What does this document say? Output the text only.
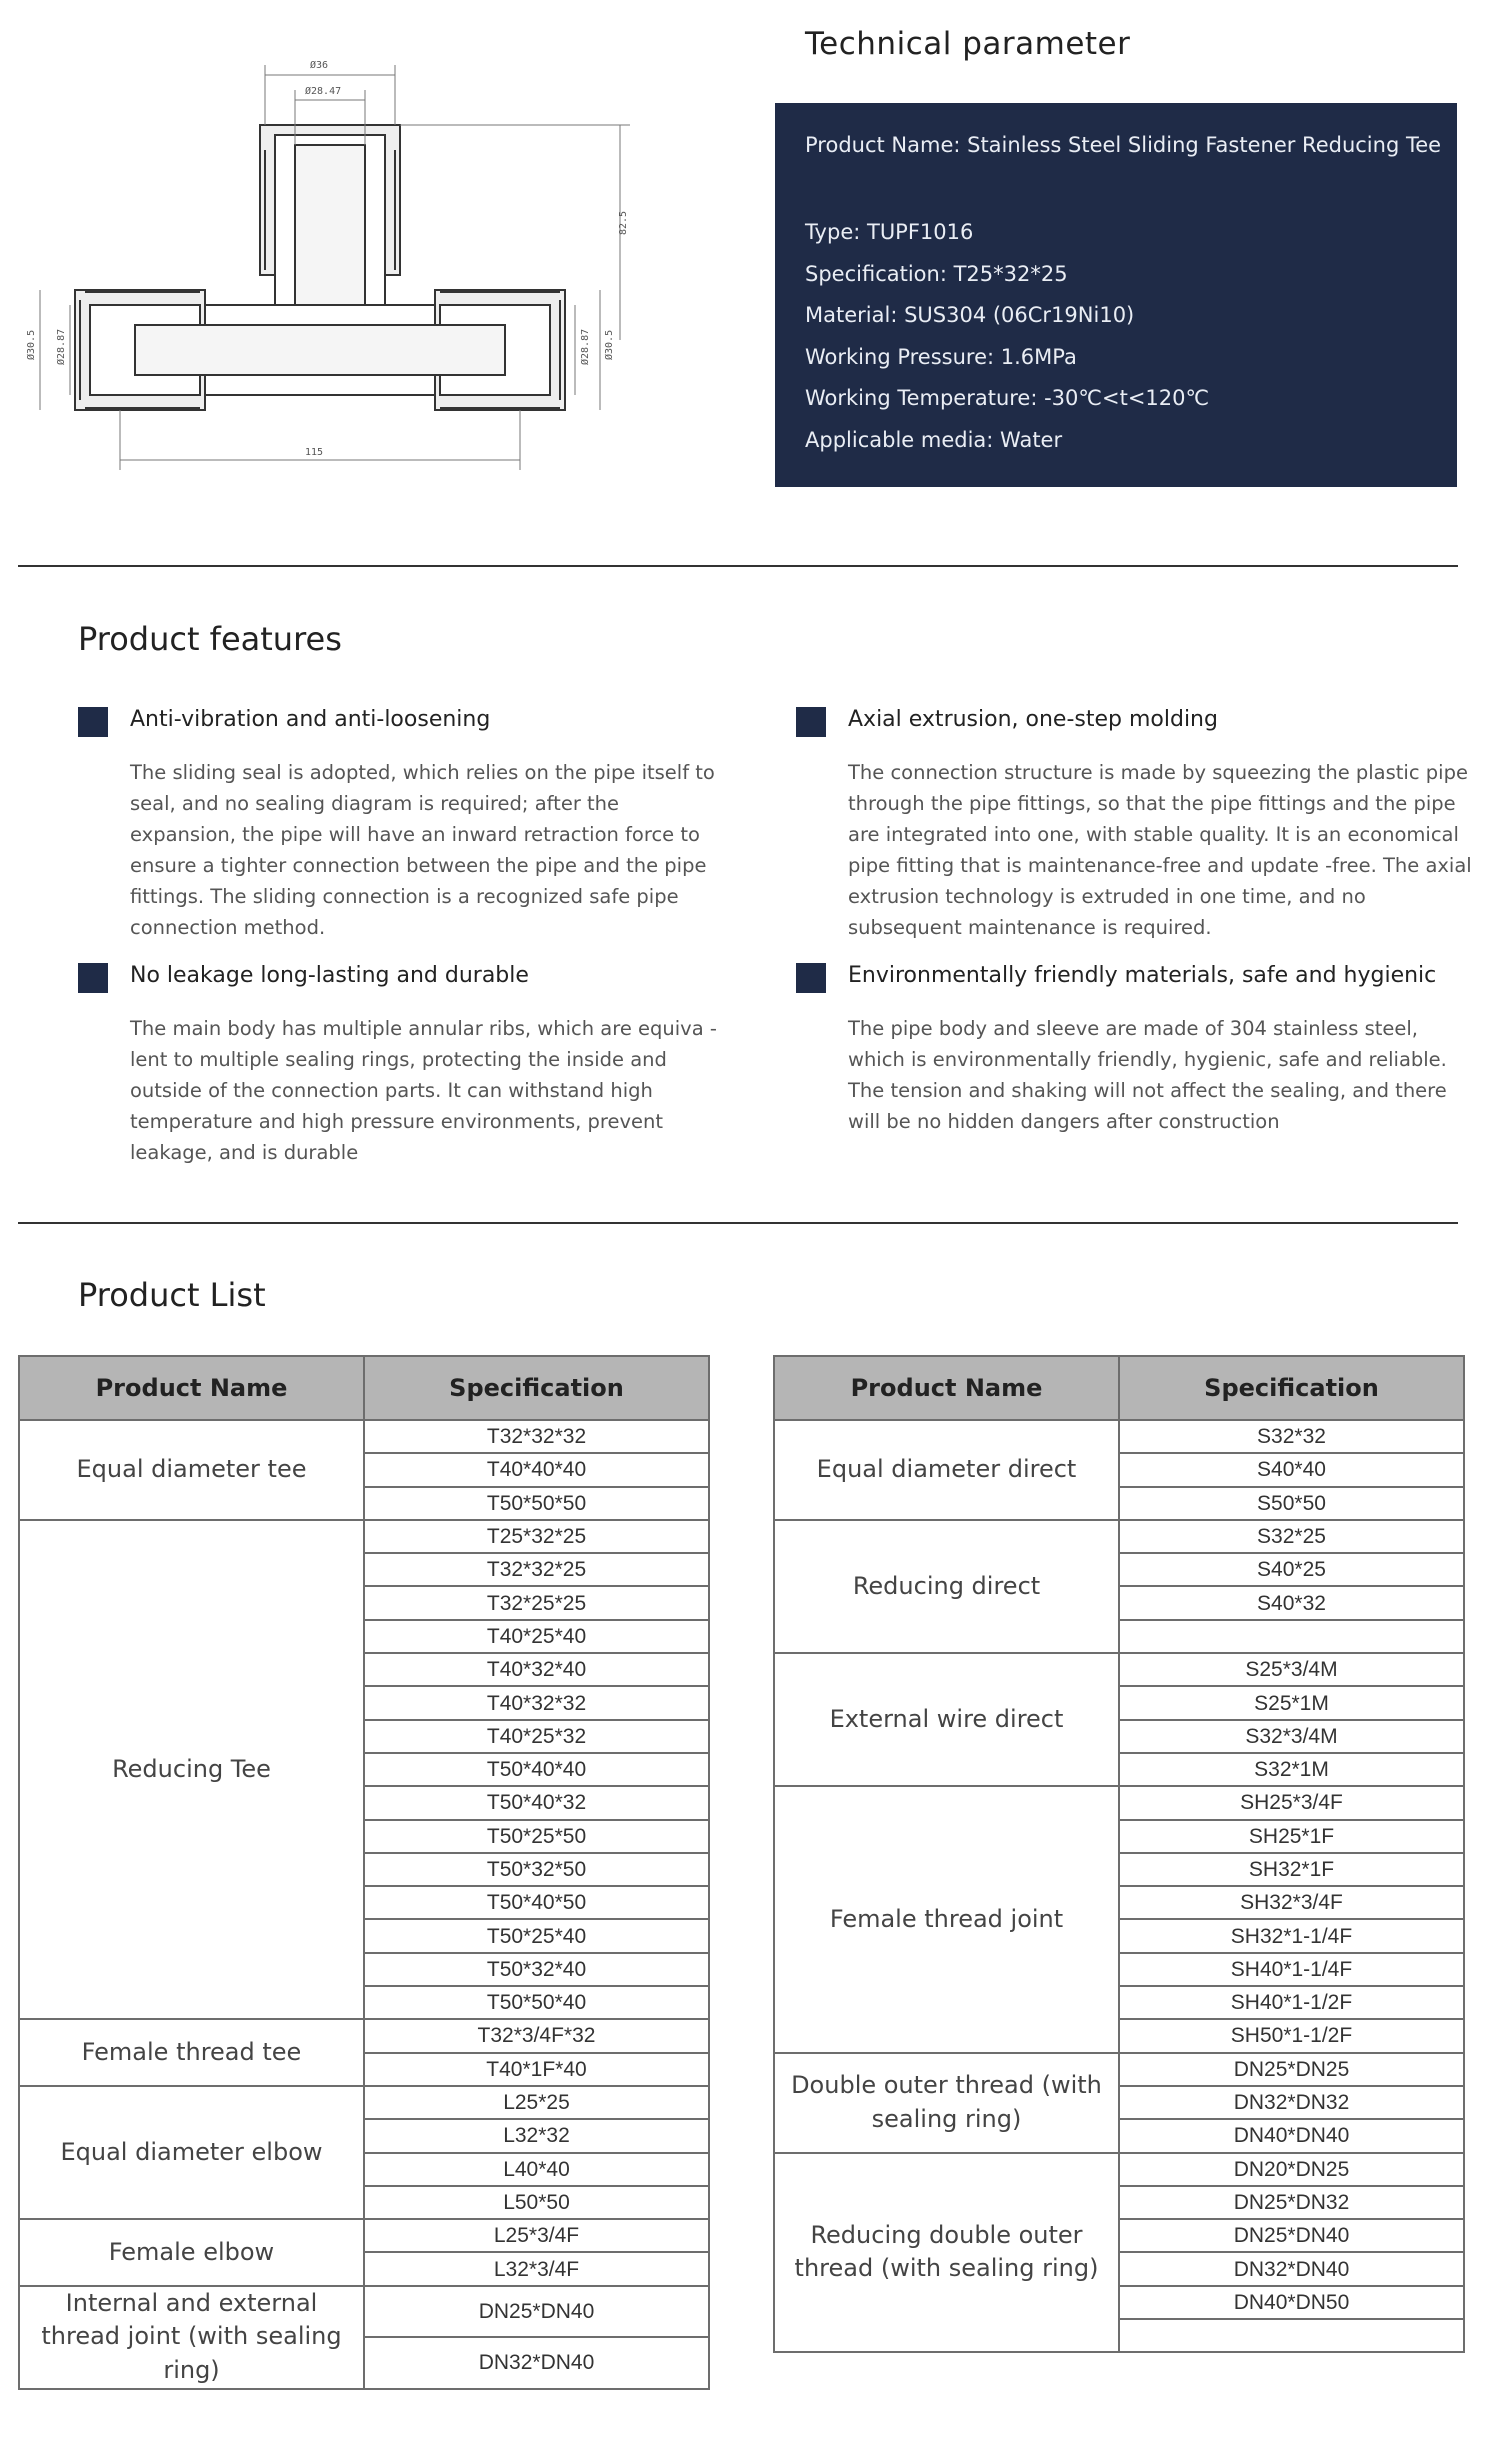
Ø36
Ø28.47
82.5
Ø30.5 Ø28.87	Ø28.87 Ø30.5
115
Technical parameter
Product Name: Stainless Steel Sliding Fastener Reducing Tee
Type: TUPF1016
Specification: T25*32*25
Material: SUS304 (06Cr19Ni10)
Working Pressure: 1.6MPa
Working Temperature: -30℃<t<120℃
Applicable media: Water
Product features
Anti-vibration and anti-loosening
The sliding seal is adopted, which relies on the pipe itself to seal, and no sealing diagram is required; after the expansion, the pipe will have an inward retraction force to ensure a tighter connection between the pipe and the pipe fittings. The sliding connection is a recognized safe pipe connection method.
Axial extrusion, one-step molding
The connection structure is made by squeezing the plastic pipe through the pipe fittings, so that the pipe fittings and the pipe are integrated into one, with stable quality. It is an economical pipe fitting that is maintenance-free and update -free. The axial extrusion technology is extruded in one time, and no subsequent maintenance is required.
No leakage long-lasting and durable
The main body has multiple annular ribs, which are equiva -lent to multiple sealing rings, protecting the inside and outside of the connection parts. It can withstand high temperature and high pressure environments, prevent leakage, and is durable
Environmentally friendly materials, safe and hygienic
The pipe body and sleeve are made of 304 stainless steel, which is environmentally friendly, hygienic, safe and reliable. The tension and shaking will not affect the sealing, and there will be no hidden dangers after construction
Product List
Product Name	Specification
Equal diameter tee	T32*32*32
	T40*40*40
	T50*50*50
Reducing Tee	T25*32*25
	T32*32*25
	T32*25*25
	T40*25*40
	T40*32*40
	T40*32*32
	T40*25*32
	T50*40*40
	T50*40*32
	T50*25*50
	T50*32*50
	T50*40*50
	T50*25*40
	T50*32*40
	T50*50*40
Female thread tee	T32*3/4F*32
	T40*1F*40
Equal diameter elbow	L25*25
	L32*32
	L40*40
	L50*50
Female elbow	L25*3/4F
	L32*3/4F
Internal and external thread joint (with sealing ring)	DN25*DN40
	DN32*DN40
Product Name	Specification
Equal diameter direct	S32*32
	S40*40
	S50*50
Reducing direct	S32*25
	S40*25
	S40*32

External wire direct	S25*3/4M
	S25*1M
	S32*3/4M
	S32*1M
Female thread joint	SH25*3/4F
	SH25*1F
	SH32*1F
	SH32*3/4F
	SH32*1-1/4F
	SH40*1-1/4F
	SH40*1-1/2F
	SH50*1-1/2F
Double outer thread (with sealing ring)	DN25*DN25
	DN32*DN32
	DN40*DN40
Reducing double outer thread (with sealing ring)	DN20*DN25
	DN25*DN32
	DN25*DN40
	DN32*DN40
	DN40*DN50
